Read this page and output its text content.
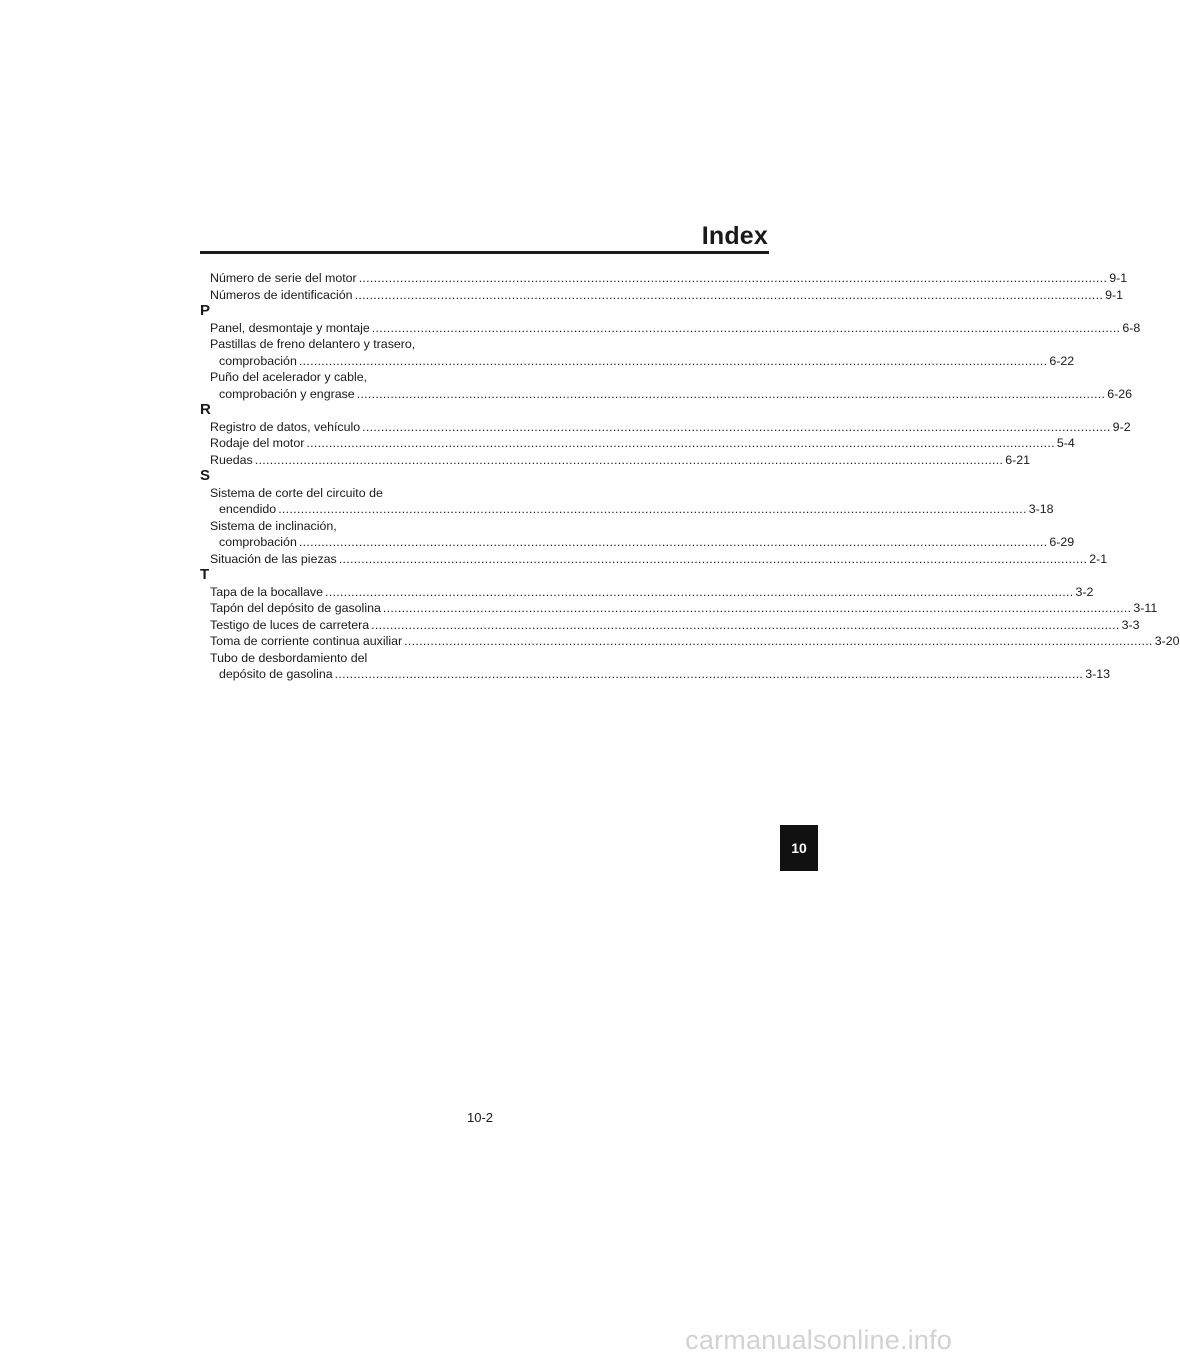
Index
Número de serie del motor ........................................................................................................................................................................................................ 9-1
Números de identificación ........................................................................................................................................................................................................ 9-1
P
Panel, desmontaje y montaje ........................................................................................................................................................................................................ 6-8
Pastillas de freno delantero y trasero,
comprobación ........................................................................................................................................................................................................ 6-22
Puño del acelerador y cable,
comprobación y engrase ........................................................................................................................................................................................................ 6-26
R
Registro de datos, vehículo ........................................................................................................................................................................................................ 9-2
Rodaje del motor ........................................................................................................................................................................................................ 5-4
Ruedas ........................................................................................................................................................................................................ 6-21
S
Sistema de corte del circuito de
encendido ........................................................................................................................................................................................................ 3-18
Sistema de inclinación,
comprobación ........................................................................................................................................................................................................ 6-29
Situación de las piezas ........................................................................................................................................................................................................ 2-1
T
Tapa de la bocallave ........................................................................................................................................................................................................ 3-2
Tapón del depósito de gasolina ........................................................................................................................................................................................................ 3-11
Testigo de luces de carretera ........................................................................................................................................................................................................ 3-3
Toma de corriente continua auxiliar ........................................................................................................................................................................................................ 3-20
Tubo de desbordamiento del
depósito de gasolina ........................................................................................................................................................................................................ 3-13
10
10-2
carmanualsonline.info
